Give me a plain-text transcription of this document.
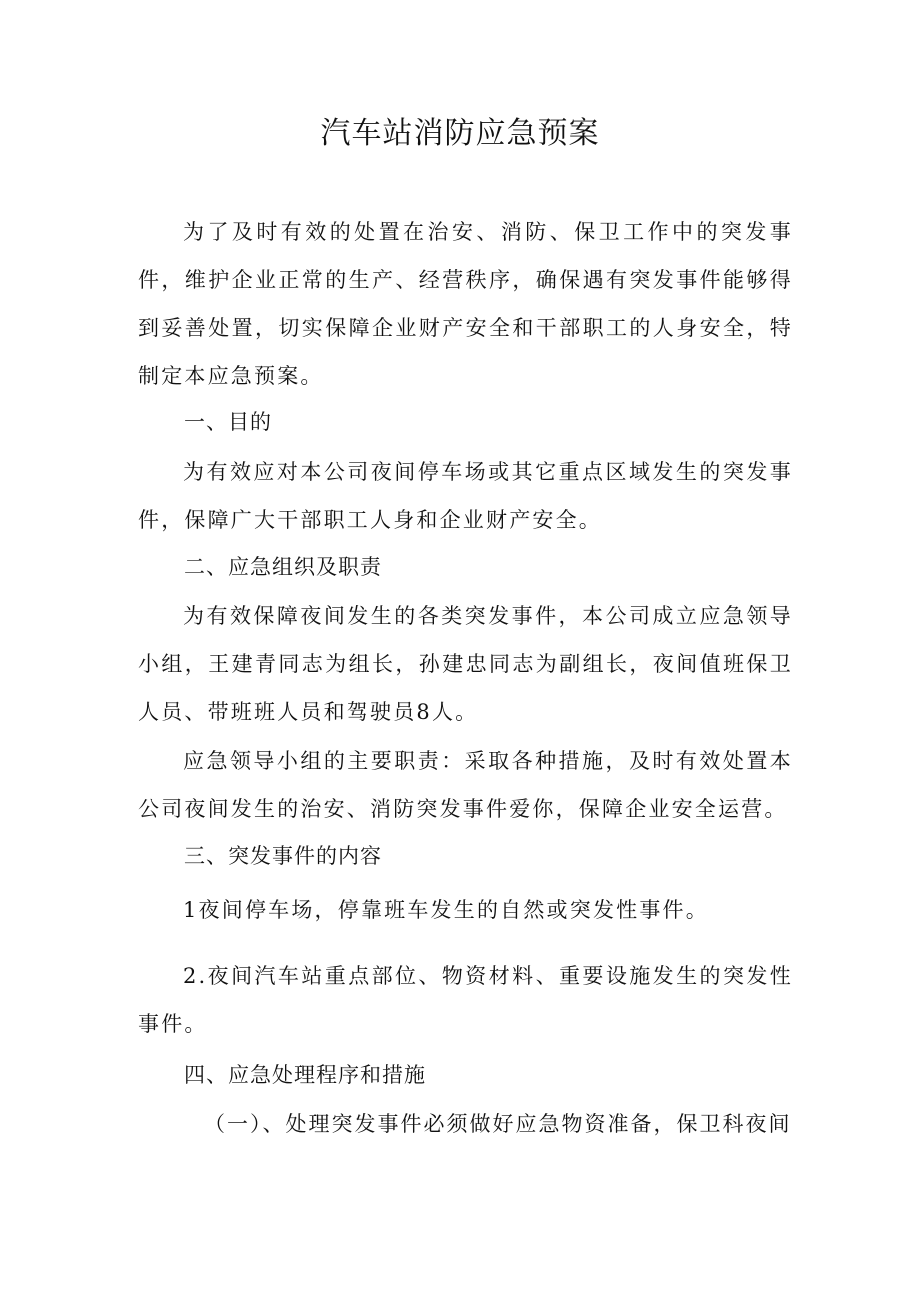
汽车站消防应急预案

为了及时有效的处置在治安、消防、保卫工作中的突发事件，维护企业正常的生产、经营秩序，确保遇有突发事件能够得到妥善处置，切实保障企业财产安全和干部职工的人身安全，特制定本应急预案。

一、目的

为有效应对本公司夜间停车场或其它重点区域发生的突发事件，保障广大干部职工人身和企业财产安全。

二、应急组织及职责

为有效保障夜间发生的各类突发事件，本公司成立应急领导小组，王建青同志为组长，孙建忠同志为副组长，夜间值班保卫人员、带班班人员和驾驶员8人。

应急领导小组的主要职责：采取各种措施，及时有效处置本公司夜间发生的治安、消防突发事件爱你，保障企业安全运营。

三、突发事件的内容

1夜间停车场，停靠班车发生的自然或突发性事件。

2.夜间汽车站重点部位、物资材料、重要设施发生的突发性事件。

四、应急处理程序和措施

（一）、处理突发事件必须做好应急物资准备，保卫科夜间
